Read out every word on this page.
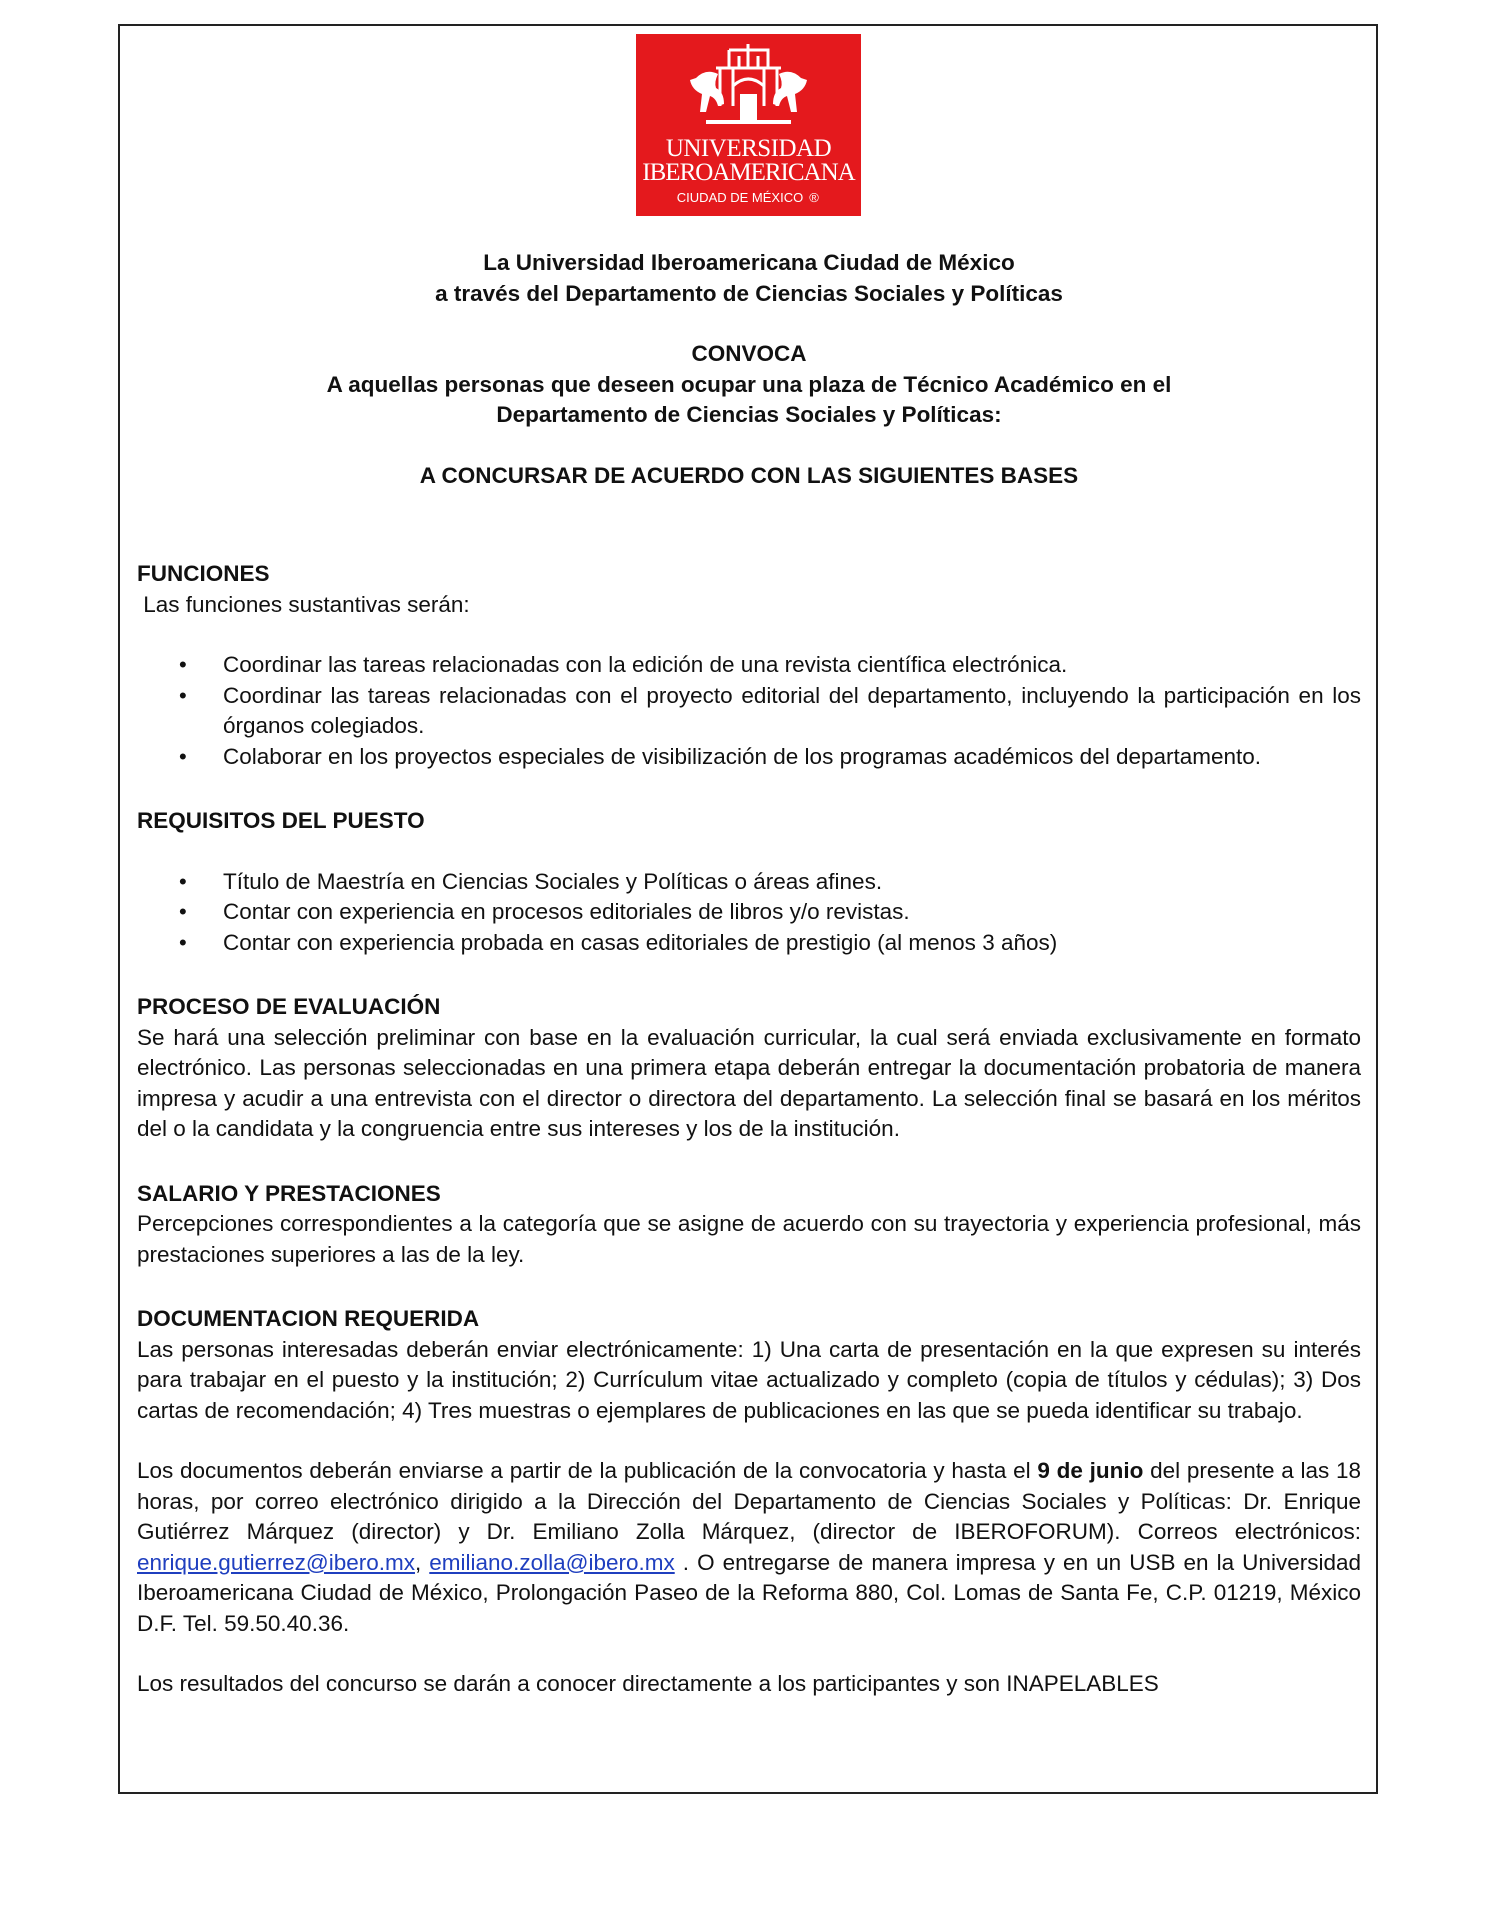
UNIVERSIDAD
IBEROAMERICANA
CIUDAD DE MÉXICO ®

La Universidad Iberoamericana Ciudad de México

a través del Departamento de Ciencias Sociales y Políticas

CONVOCA

A aquellas personas que deseen ocupar una plaza de Técnico Académico en el

Departamento de Ciencias Sociales y Políticas:

A CONCURSAR DE ACUERDO CON LAS SIGUIENTES BASES

FUNCIONES

Las funciones sustantivas serán:

• Coordinar las tareas relacionadas con la edición de una revista científica electrónica.
• Coordinar las tareas relacionadas con el proyecto editorial del departamento, incluyendo la participación en los órganos colegiados.
• Colaborar en los proyectos especiales de visibilización de los programas académicos del departamento.

REQUISITOS DEL PUESTO

• Título de Maestría en Ciencias Sociales y Políticas o áreas afines.
• Contar con experiencia en procesos editoriales de libros y/o revistas.
• Contar con experiencia probada en casas editoriales de prestigio (al menos 3 años)

PROCESO DE EVALUACIÓN

Se hará una selección preliminar con base en la evaluación curricular, la cual será enviada exclusivamente en formato electrónico. Las personas seleccionadas en una primera etapa deberán entregar la documentación probatoria de manera impresa y acudir a una entrevista con el director o directora del departamento. La selección final se basará en los méritos del o la candidata y la congruencia entre sus intereses y los de la institución.

SALARIO Y PRESTACIONES

Percepciones correspondientes a la categoría que se asigne de acuerdo con su trayectoria y experiencia profesional, más prestaciones superiores a las de la ley.

DOCUMENTACION REQUERIDA

Las personas interesadas deberán enviar electrónicamente: 1) Una carta de presentación en la que expresen su interés para trabajar en el puesto y la institución; 2) Currículum vitae actualizado y completo (copia de títulos y cédulas); 3) Dos cartas de recomendación; 4) Tres muestras o ejemplares de publicaciones en las que se pueda identificar su trabajo.

Los documentos deberán enviarse a partir de la publicación de la convocatoria y hasta el 9 de junio del presente a las 18 horas, por correo electrónico dirigido a la Dirección del Departamento de Ciencias Sociales y Políticas: Dr. Enrique Gutiérrez Márquez (director) y Dr. Emiliano Zolla Márquez, (director de IBEROFORUM). Correos electrónicos: enrique.gutierrez@ibero.mx, emiliano.zolla@ibero.mx . O entregarse de manera impresa y en un USB en la Universidad Iberoamericana Ciudad de México, Prolongación Paseo de la Reforma 880, Col. Lomas de Santa Fe, C.P. 01219, México D.F. Tel. 59.50.40.36.

Los resultados del concurso se darán a conocer directamente a los participantes y son INAPELABLES
